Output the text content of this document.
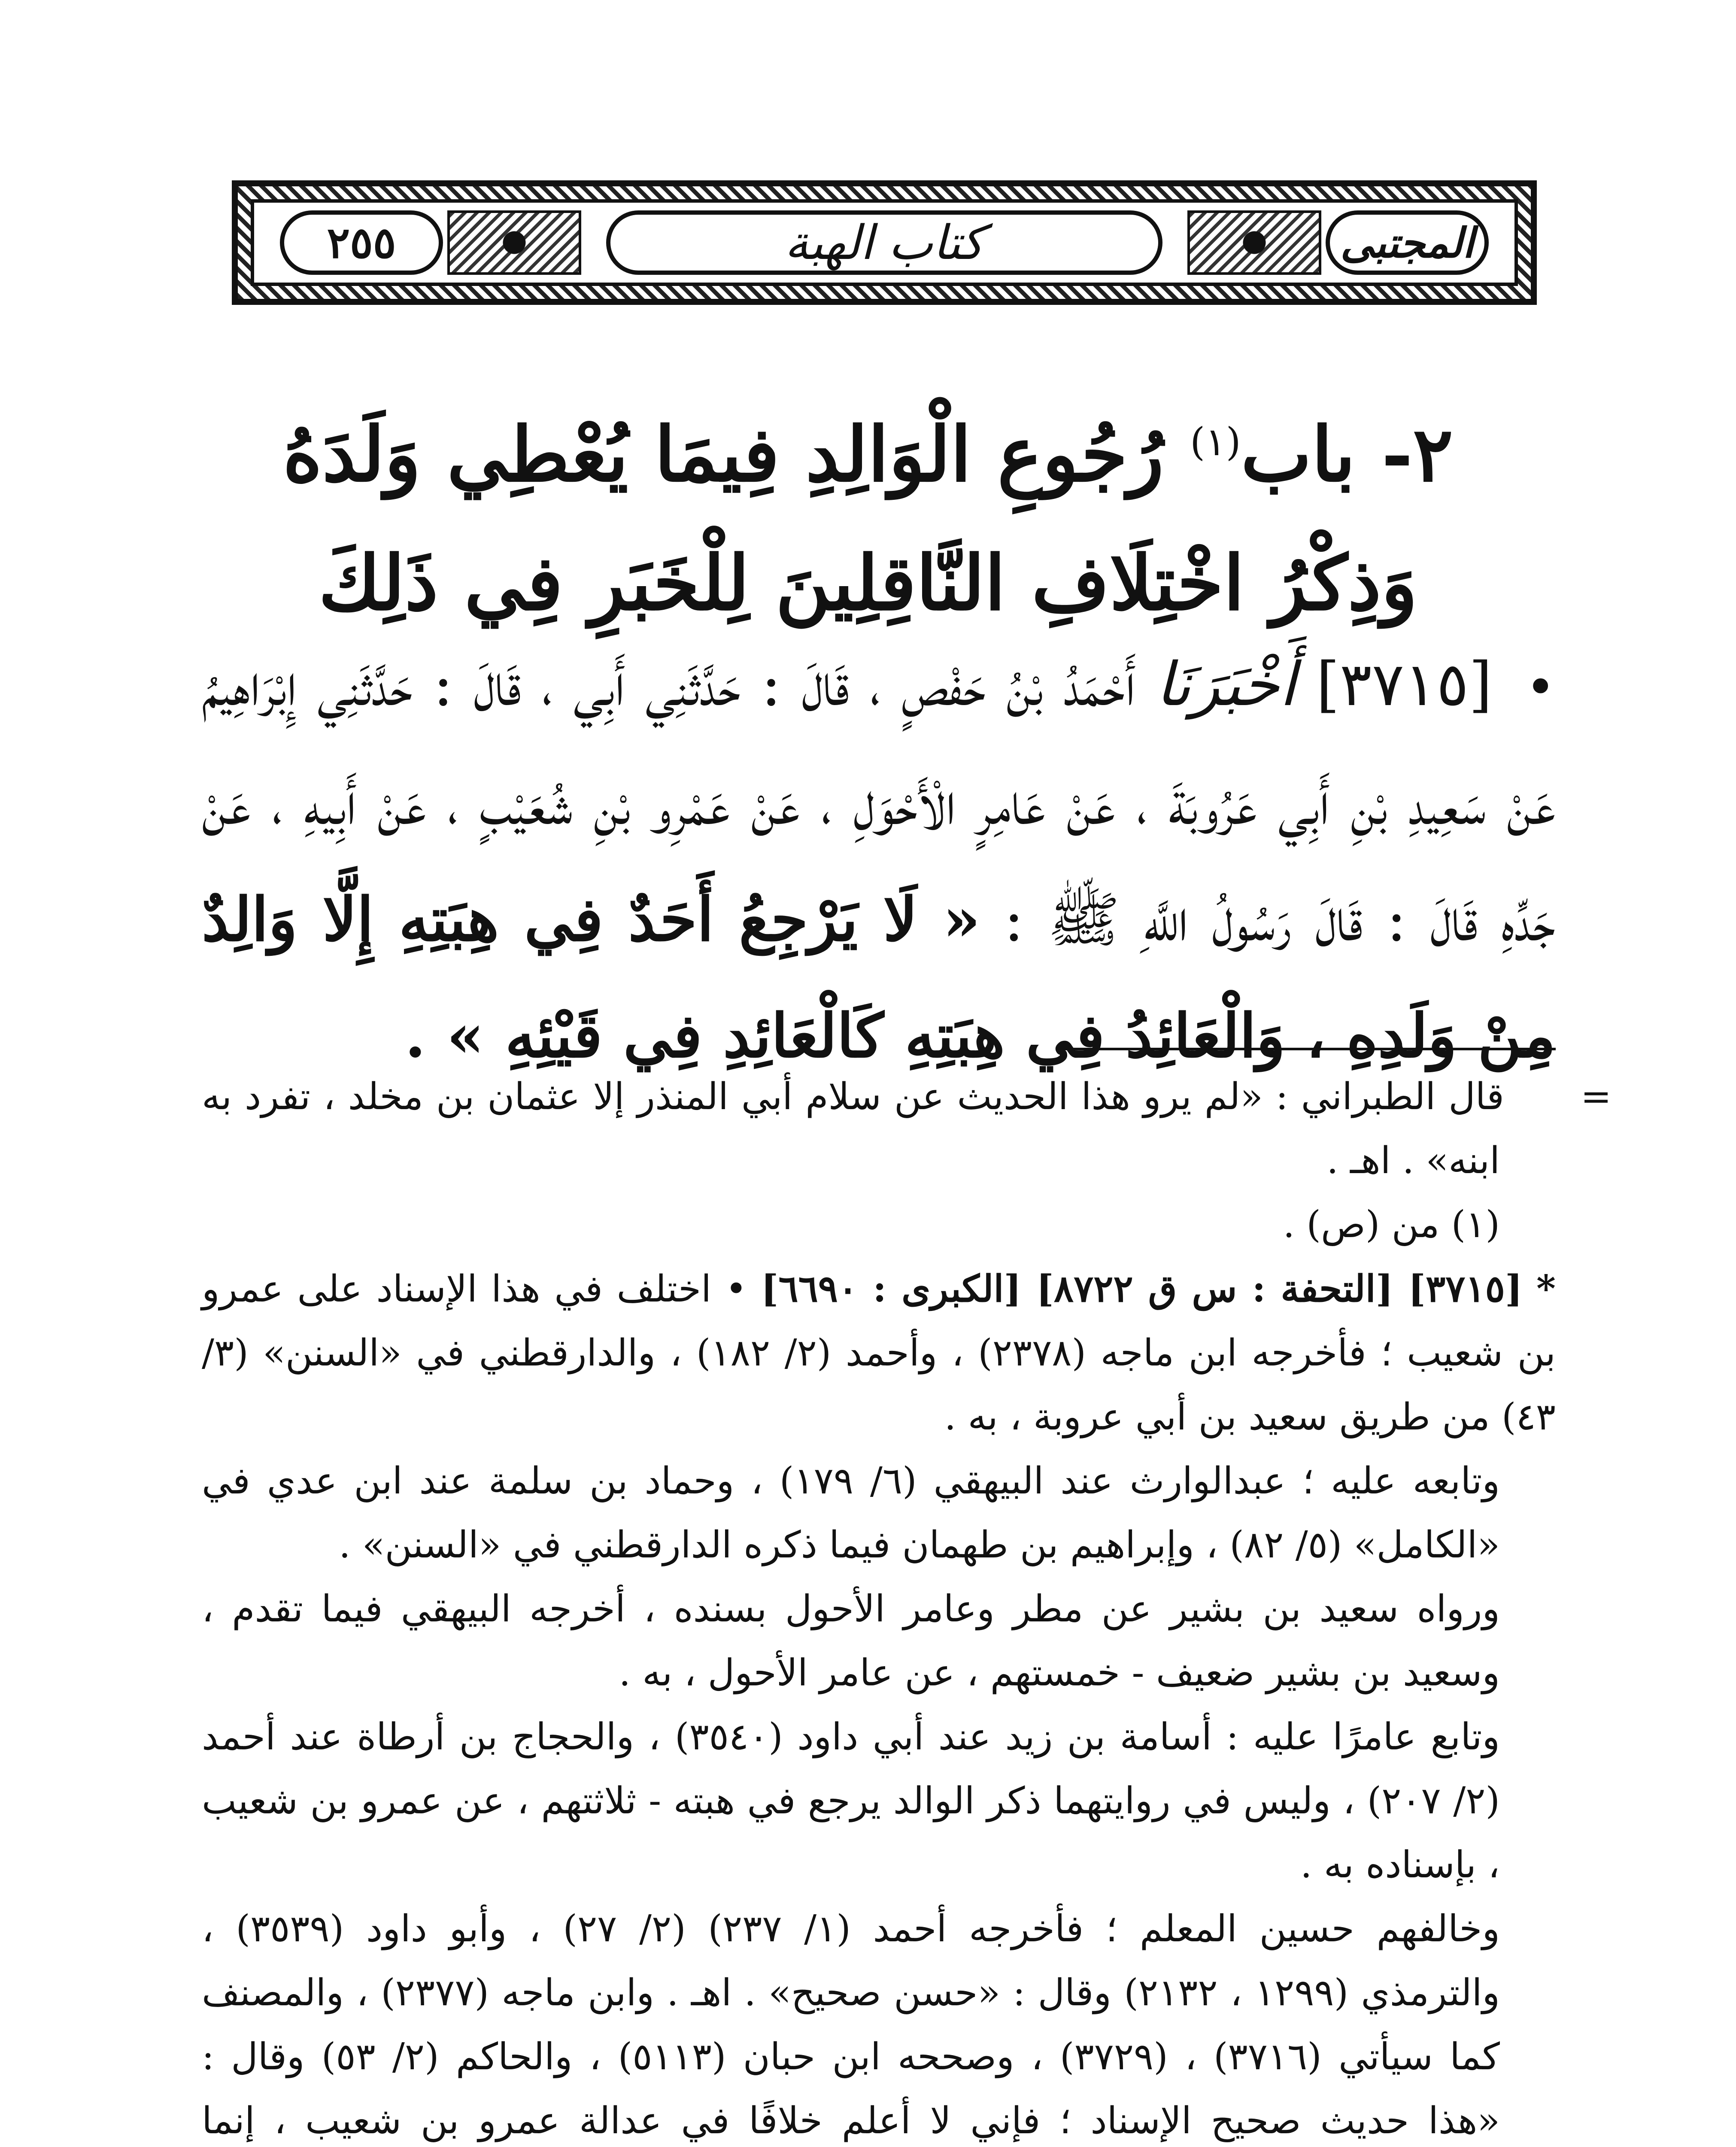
المجتبى
كتاب الهبة
٢٥٥
٢- باب$^{(١)}$ رُجُوعِ الْوَالِدِ فِيمَا يُعْطِي وَلَدَهُ
وَذِكْرُ اخْتِلَافِ النَّاقِلِينَ لِلْخَبَرِ فِي ذَلِكَ
• [٣٧١٥] أَخْبَرَنَا أَحْمَدُ بْنُ حَفْصٍ ، قَالَ : حَدَّثَنِي أَبِي ، قَالَ : حَدَّثَنِي إِبْرَاهِيمُ عَنْ سَعِيدِ بْنِ أَبِي عَرُوبَةَ ، عَنْ عَامِرٍ الْأَحْوَلِ ، عَنْ عَمْرِو بْنِ شُعَيْبٍ ، عَنْ أَبِيهِ ، عَنْ جَدِّهِ قَالَ : قَالَ رَسُولُ اللَّهِ ﷺ : « لَا يَرْجِعُ أَحَدٌ فِي هِبَتِهِ إِلَّا وَالِدٌ مِنْ وَلَدِهِ ، وَالْعَائِدُ فِي هِبَتِهِ كَالْعَائِدِ فِي قَيْئِهِ » .

=قال الطبراني : «لم يرو هذا الحديث عن سلام أبي المنذر إلا عثمان بن مخلد ، تفرد به ابنه» . اهـ .

(١) من (ص) .

* [٣٧١٥] [التحفة : س ق ٨٧٢٢] [الكبرى : ٦٦٩٠] • اختلف في هذا الإسناد على عمرو بن شعيب ؛ فأخرجه ابن ماجه (٢٣٧٨) ، وأحمد (٢/ ١٨٢) ، والدارقطني في «السنن» (٣/ ٤٣) من طريق سعيد بن أبي عروبة ، به .

وتابعه عليه ؛ عبدالوارث عند البيهقي (٦/ ١٧٩) ، وحماد بن سلمة عند ابن عدي في «الكامل» (٥/ ٨٢) ، وإبراهيم بن طهمان فيما ذكره الدارقطني في «السنن» .

ورواه سعيد بن بشير عن مطر وعامر الأحول بسنده ، أخرجه البيهقي فيما تقدم ، وسعيد بن بشير ضعيف - خمستهم ، عن عامر الأحول ، به .

وتابع عامرًا عليه : أسامة بن زيد عند أبي داود (٣٥٤٠) ، والحجاج بن أرطاة عند أحمد (٢/ ٢٠٧) ، وليس في روايتهما ذكر الوالد يرجع في هبته - ثلاثتهم ، عن عمرو بن شعيب ، بإسناده به .

وخالفهم حسين المعلم ؛ فأخرجه أحمد (١/ ٢٣٧) (٢/ ٢٧) ، وأبو داود (٣٥٣٩) ، والترمذي (١٢٩٩ ، ٢١٣٢) وقال : «حسن صحيح» . اهـ . وابن ماجه (٢٣٧٧) ، والمصنف كما سيأتي (٣٧١٦) ، (٣٧٢٩) ، وصححه ابن حبان (٥١١٣) ، والحاكم (٢/ ٥٣) وقال : «هذا حديث صحيح الإسناد ؛ فإني لا أعلم خلافًا في عدالة عمرو بن شعيب ، إنما
